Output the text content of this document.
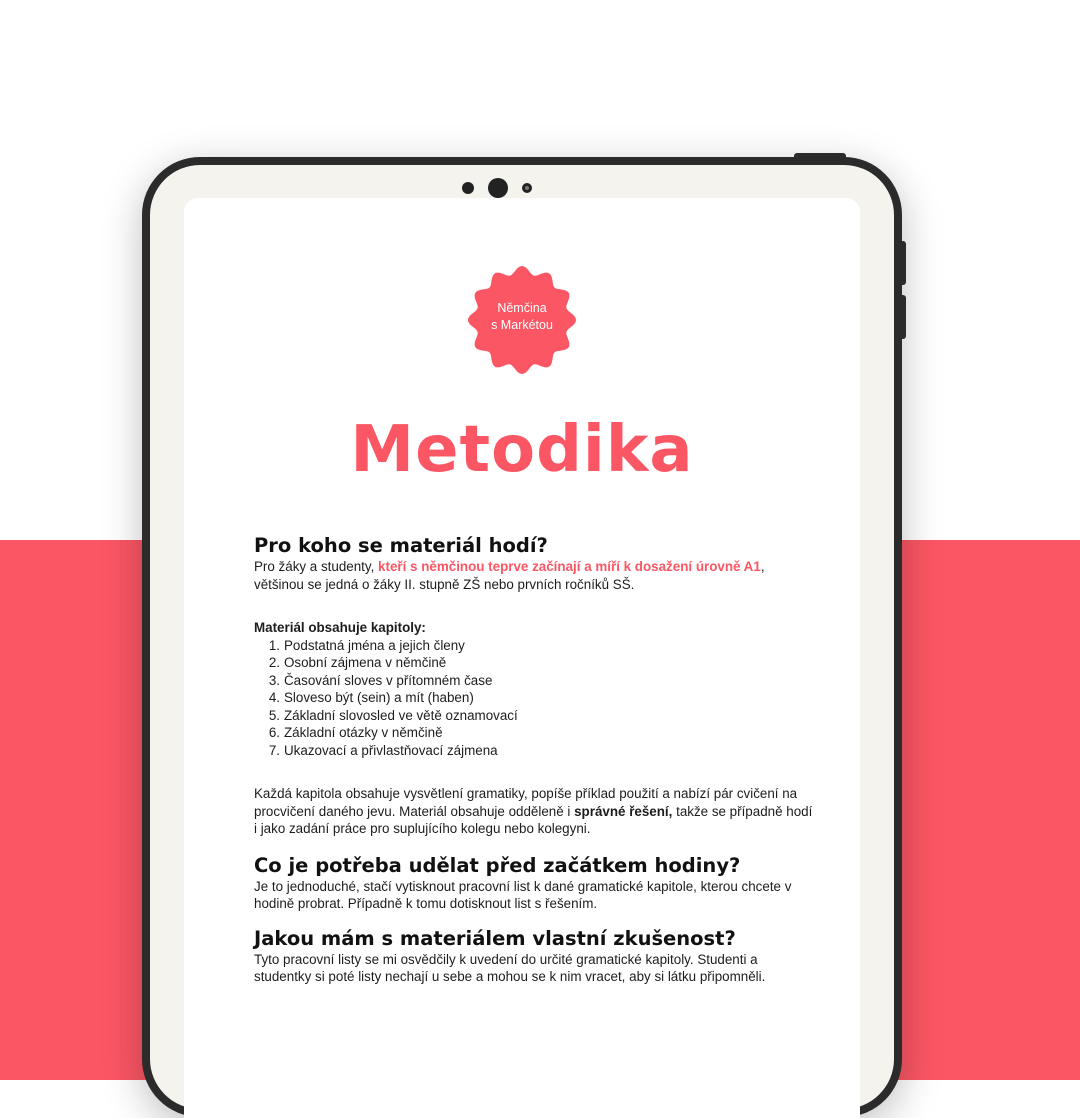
Němčina
s Markétou
Metodika
Pro koho se materiál hodí?

Pro žáky a studenty, kteří s němčinou teprve začínají a míří k dosažení úrovně A1,
většinou se jedná o žáky II. stupně ZŠ nebo prvních ročníků SŠ.

Materiál obsahuje kapitoly:

1. Podstatná jména a jejich členy
2. Osobní zájmena v němčině
3. Časování sloves v přítomném čase
4. Sloveso být (sein) a mít (haben)
5. Základní slovosled ve větě oznamovací
6. Základní otázky v němčině
7. Ukazovací a přivlastňovací zájmena

Každá kapitola obsahuje vysvětlení gramatiky, popíše příklad použití a nabízí pár cvičení na procvičení daného jevu. Materiál obsahuje odděleně i správné řešení, takže se případně hodí i jako zadání práce pro suplujícího kolegu nebo kolegyni.

Co je potřeba udělat před začátkem hodiny?

Je to jednoduché, stačí vytisknout pracovní list k dané gramatické kapitole, kterou chcete v hodině probrat. Případně k tomu dotisknout list s řešením.

Jakou mám s materiálem vlastní zkušenost?

Tyto pracovní listy se mi osvědčily k uvedení do určité gramatické kapitoly. Studenti a studentky si poté listy nechají u sebe a mohou se k nim vracet, aby si látku připomněli.
